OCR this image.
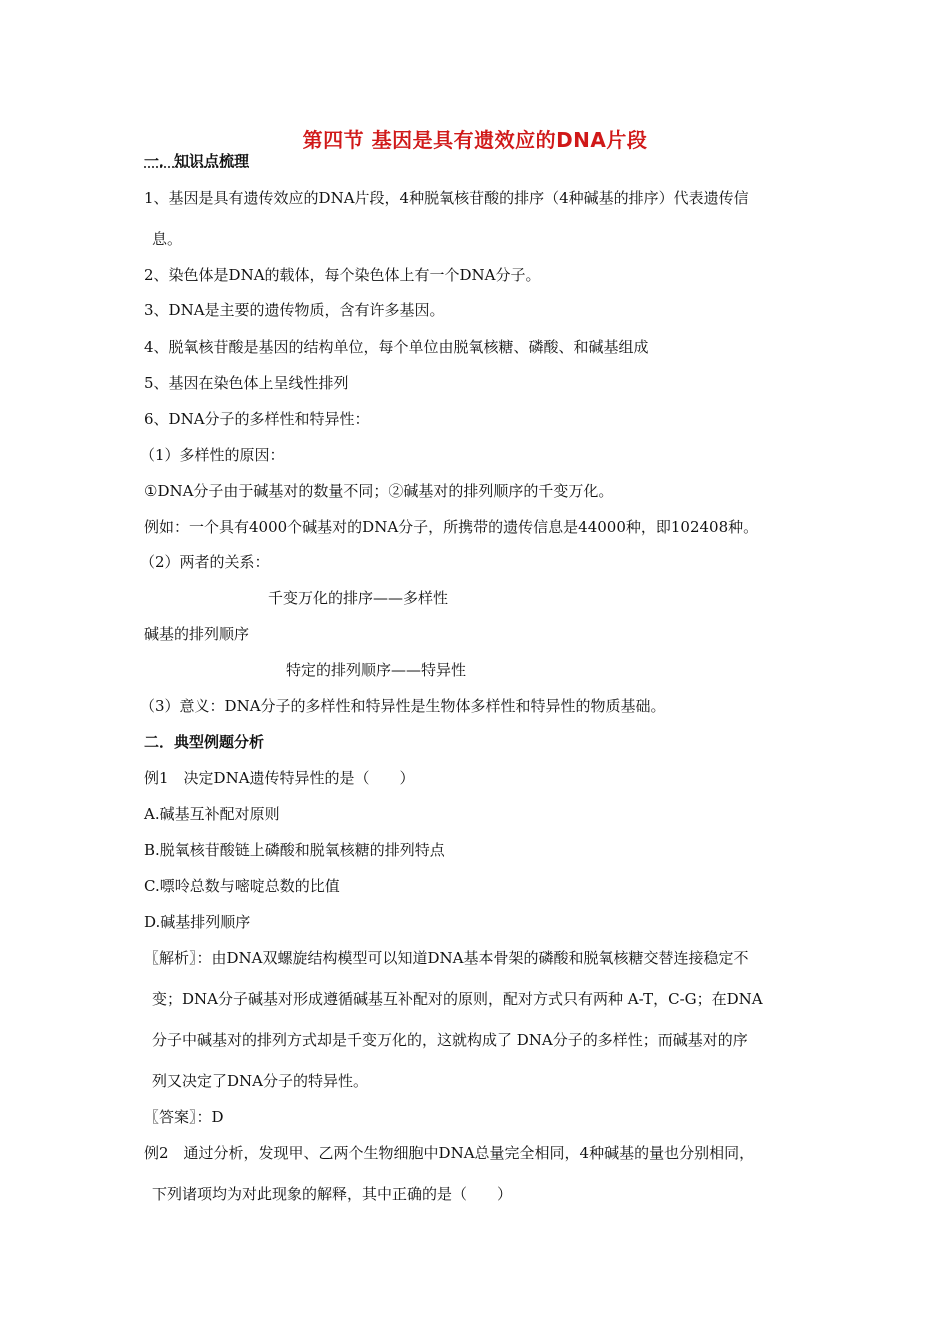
第四节 基因是具有遗效应的DNA片段
一．知识点梳理
1、基因是具有遗传效应的DNA片段，4种脱氧核苷酸的排序（4种碱基的排序）代表遗传信
息。
2、染色体是DNA的载体，每个染色体上有一个DNA分子。
3、DNA是主要的遗传物质，含有许多基因。
4、脱氧核苷酸是基因的结构单位，每个单位由脱氧核糖、磷酸、和碱基组成
5、基因在染色体上呈线性排列
6、DNA分子的多样性和特异性：
（1）多样性的原因：
①DNA分子由于碱基对的数量不同；②碱基对的排列顺序的千变万化。
例如：一个具有4000个碱基对的DNA分子，所携带的遗传信息是44000种，即102408种。
（2）两者的关系：
千变万化的排序——多样性
碱基的排列顺序
特定的排列顺序——特异性
（3）意义：DNA分子的多样性和特异性是生物体多样性和特异性的物质基础。
二．典型例题分析
例1　决定DNA遗传特异性的是（　　）
A.碱基互补配对原则
B.脱氧核苷酸链上磷酸和脱氧核糖的排列特点
C.嘌呤总数与嘧啶总数的比值
D.碱基排列顺序
〖解析〗：由DNA双螺旋结构模型可以知道DNA基本骨架的磷酸和脱氧核糖交替连接稳定不
变；DNA分子碱基对形成遵循碱基互补配对的原则，配对方式只有两种 A-T，C-G；在DNA
分子中碱基对的排列方式却是千变万化的，这就构成了 DNA分子的多样性；而碱基对的序
列又决定了DNA分子的特异性。
〖答案〗：D
例2　通过分析，发现甲、乙两个生物细胞中DNA总量完全相同，4种碱基的量也分别相同，
下列诸项均为对此现象的解释，其中正确的是（　　）
